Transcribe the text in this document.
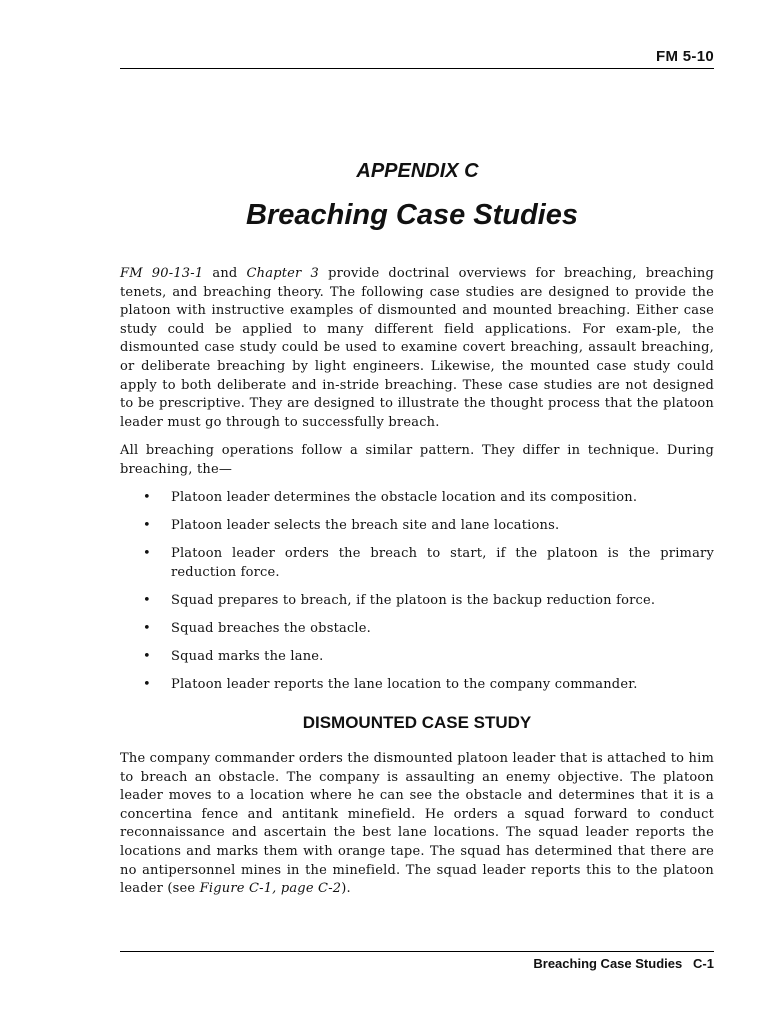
FM 5-10
APPENDIX C
Breaching Case Studies

FM 90-13-1 and Chapter 3 provide doctrinal overviews for breaching, breaching tenets, and breaching theory. The following case studies are designed to provide the platoon with instructive examples of dismounted and mounted breaching. Either case study could be applied to many different field applications. For exam-ple, the dismounted case study could be used to examine covert breaching, assault breaching, or deliberate breaching by light engineers. Likewise, the mounted case study could apply to both deliberate and in-stride breaching. These case studies are not designed to be prescriptive. They are designed to illustrate the thought process that the platoon leader must go through to successfully breach.

All breaching operations follow a similar pattern. They differ in technique. During breaching, the—

• Platoon leader determines the obstacle location and its composition.
• Platoon leader selects the breach site and lane locations.
• Platoon leader orders the breach to start, if the platoon is the primary reduction force.
• Squad prepares to breach, if the platoon is the backup reduction force.
• Squad breaches the obstacle.
• Squad marks the lane.
• Platoon leader reports the lane location to the company commander.
DISMOUNTED CASE STUDY

The company commander orders the dismounted platoon leader that is attached to him to breach an obstacle. The company is assaulting an enemy objective. The platoon leader moves to a location where he can see the obstacle and determines that it is a concertina fence and antitank minefield. He orders a squad forward to conduct reconnaissance and ascertain the best lane locations. The squad leader reports the locations and marks them with orange tape. The squad has determined that there are no antipersonnel mines in the minefield. The squad leader reports this to the platoon leader (see Figure C-1, page C-2).

Breaching Case Studies   C-1
